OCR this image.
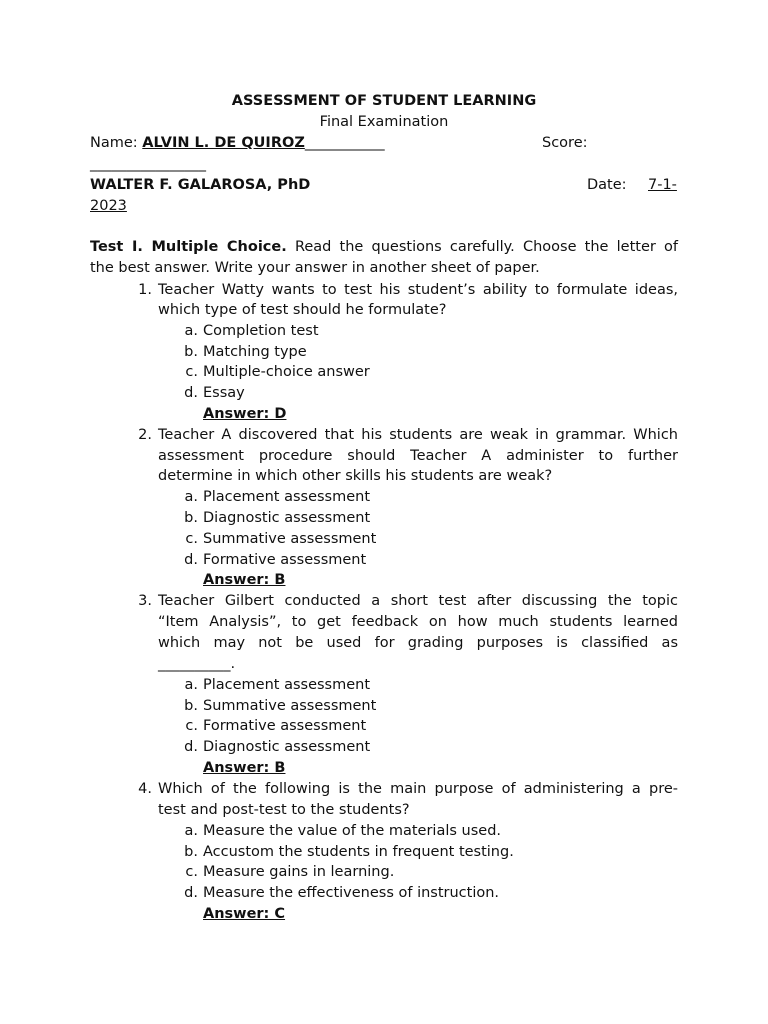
ASSESSMENT OF STUDENT LEARNING
Final Examination
Name: ALVIN L. DE QUIROZ___________	Score:
________________
WALTER F. GALAROSA, PhD	Date: 7-1-
2023
Test I. Multiple Choice. Read the questions carefully. Choose the letter of
the best answer. Write your answer in another sheet of paper.
1. Teacher Watty wants to test his student’s ability to formulate ideas,
which type of test should he formulate?
a. Completion test
b. Matching type
c. Multiple-choice answer
d. Essay
Answer: D
2. Teacher A discovered that his students are weak in grammar. Which
assessment procedure should Teacher A administer to further
determine in which other skills his students are weak?
a. Placement assessment
b. Diagnostic assessment
c. Summative assessment
d. Formative assessment
Answer: B
3. Teacher Gilbert conducted a short test after discussing the topic
“Item Analysis”, to get feedback on how much students learned
which may not be used for grading purposes is classified as
__________.
a. Placement assessment
b. Summative assessment
c. Formative assessment
d. Diagnostic assessment
Answer: B
4. Which of the following is the main purpose of administering a pre-
test and post-test to the students?
a. Measure the value of the materials used.
b. Accustom the students in frequent testing.
c. Measure gains in learning.
d. Measure the effectiveness of instruction.
Answer: C
